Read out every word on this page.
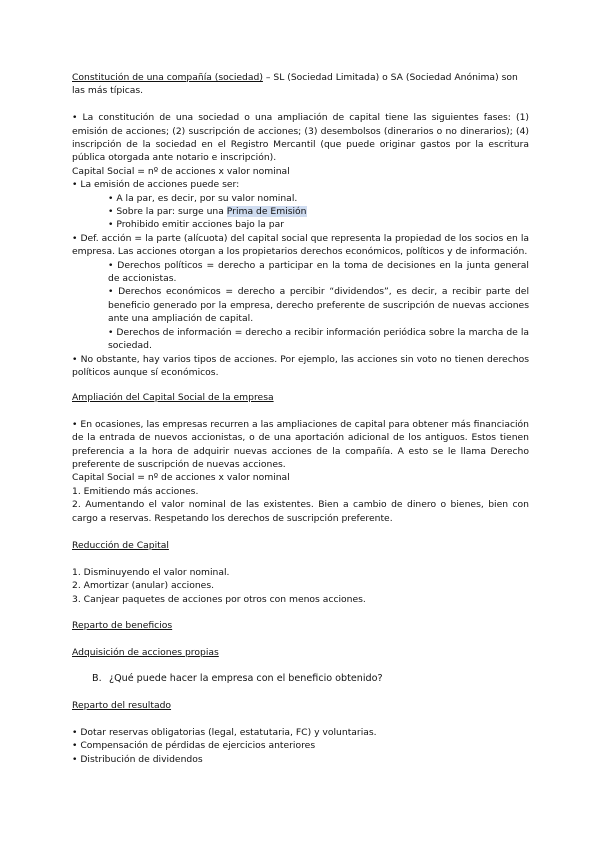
Constitución de una compañía (sociedad) – SL (Sociedad Limitada) o SA (Sociedad Anónima) son las más típicas.

• La constitución de una sociedad o una ampliación de capital tiene las siguientes fases: (1) emisión de acciones; (2) suscripción de acciones; (3) desembolsos (dinerarios o no dinerarios); (4) inscripción de la sociedad en el Registro Mercantil (que puede originar gastos por la escritura pública otorgada ante notario e inscripción).

Capital Social = nº de acciones x valor nominal

• La emisión de acciones puede ser:

• A la par, es decir, por su valor nominal.

• Sobre la par: surge una Prima de Emisión

• Prohibido emitir acciones bajo la par

• Def. acción = la parte (alícuota) del capital social que representa la propiedad de los socios en la empresa. Las acciones otorgan a los propietarios derechos económicos, políticos y de información.

• Derechos políticos = derecho a participar en la toma de decisiones en la junta general de accionistas.

• Derechos económicos = derecho a percibir “dividendos”, es decir, a recibir parte del beneficio generado por la empresa, derecho preferente de suscripción de nuevas acciones ante una ampliación de capital.

• Derechos de información = derecho a recibir información periódica sobre la marcha de la sociedad.

• No obstante, hay varios tipos de acciones. Por ejemplo, las acciones sin voto no tienen derechos políticos aunque sí económicos.

Ampliación del Capital Social de la empresa

• En ocasiones, las empresas recurren a las ampliaciones de capital para obtener más financiación de la entrada de nuevos accionistas, o de una aportación adicional de los antiguos. Estos tienen preferencia a la hora de adquirir nuevas acciones de la compañía. A esto se le llama Derecho preferente de suscripción de nuevas acciones.

Capital Social = nº de acciones x valor nominal

1. Emitiendo más acciones.

2. Aumentando el valor nominal de las existentes. Bien a cambio de dinero o bienes, bien con cargo a reservas. Respetando los derechos de suscripción preferente.

Reducción de Capital

1. Disminuyendo el valor nominal.

2. Amortizar (anular) acciones.

3. Canjear paquetes de acciones por otros con menos acciones.

Reparto de beneficios

Adquisición de acciones propias

B. ¿Qué puede hacer la empresa con el beneficio obtenido?

Reparto del resultado

• Dotar reservas obligatorias (legal, estatutaria, FC) y voluntarias.

• Compensación de pérdidas de ejercicios anteriores

• Distribución de dividendos
